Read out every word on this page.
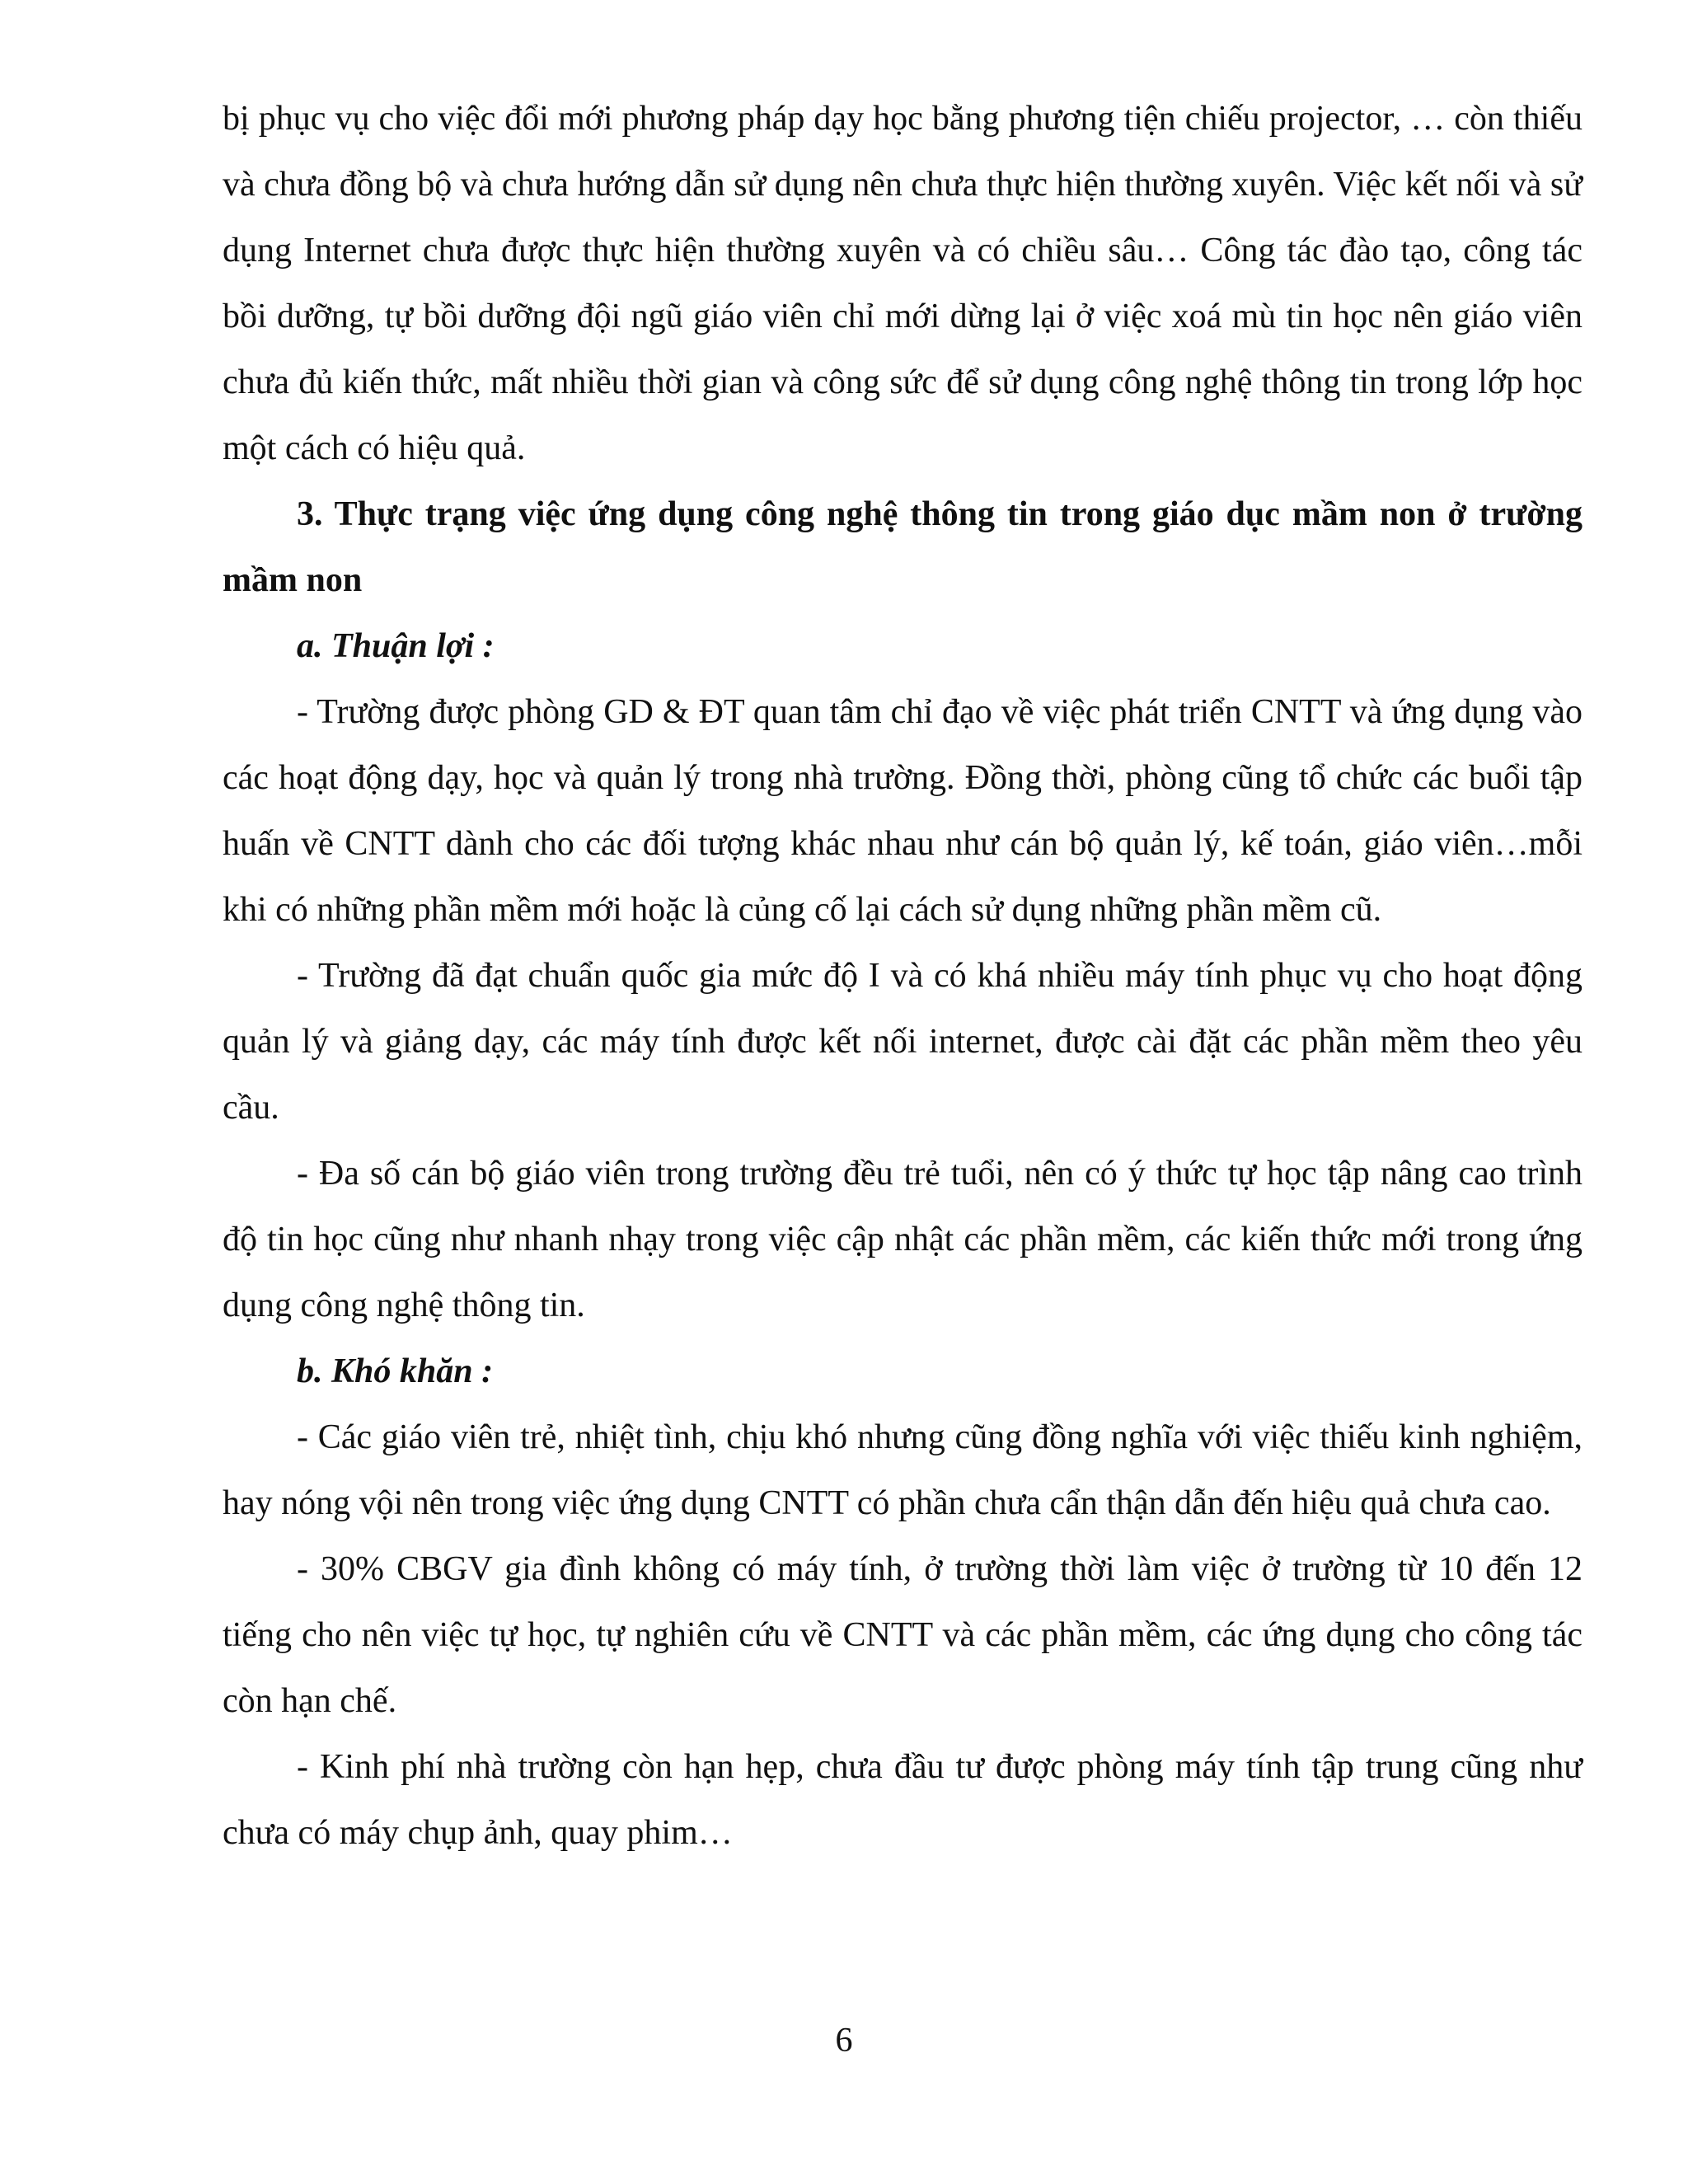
bị phục vụ cho việc đổi mới phương pháp dạy học bằng phương tiện chiếu projector, … còn thiếu và chưa đồng bộ và chưa hướng dẫn sử dụng nên chưa thực hiện thường xuyên. Việc kết nối và sử dụng Internet chưa được thực hiện thường xuyên và có chiều sâu… Công tác đào tạo, công tác bồi dưỡng, tự bồi dưỡng đội ngũ giáo viên chỉ mới dừng lại ở việc xoá mù tin học nên giáo viên chưa đủ kiến thức, mất nhiều thời gian và công sức để sử dụng công nghệ thông tin trong lớp học một cách có hiệu quả.

3. Thực trạng việc ứng dụng công nghệ thông tin trong giáo dục mầm non ở trường mầm non

a. Thuận lợi :

- Trường được phòng GD & ĐT quan tâm chỉ đạo về việc phát triển CNTT và ứng dụng vào các hoạt động dạy, học và quản lý trong nhà trường. Đồng thời, phòng cũng tổ chức các buổi tập huấn về CNTT dành cho các đối tượng khác nhau như cán bộ quản lý, kế toán, giáo viên…mỗi khi có những phần mềm mới hoặc là củng cố lại cách sử dụng những phần mềm cũ.

- Trường đã đạt chuẩn quốc gia mức độ I và có khá nhiều máy tính phục vụ cho hoạt động quản lý và giảng dạy, các máy tính được kết nối internet, được cài đặt các phần mềm theo yêu cầu.

- Đa số cán bộ giáo viên trong trường đều trẻ tuổi, nên có ý thức tự học tập nâng cao trình độ tin học cũng như nhanh nhạy trong việc cập nhật các phần mềm, các kiến thức mới trong ứng dụng công nghệ thông tin.

b. Khó khăn :

- Các giáo viên trẻ, nhiệt tình, chịu khó nhưng cũng đồng nghĩa với việc thiếu kinh nghiệm, hay nóng vội nên trong việc ứng dụng CNTT có phần chưa cẩn thận dẫn đến hiệu quả chưa cao.

- 30% CBGV gia đình không có máy tính, ở trường thời làm việc ở trường từ 10 đến 12 tiếng cho nên việc tự học, tự nghiên cứu về CNTT và các phần mềm, các ứng dụng cho công tác còn hạn chế.

- Kinh phí nhà trường còn hạn hẹp, chưa đầu tư được phòng máy tính tập trung cũng như chưa có máy chụp ảnh, quay phim…

6
